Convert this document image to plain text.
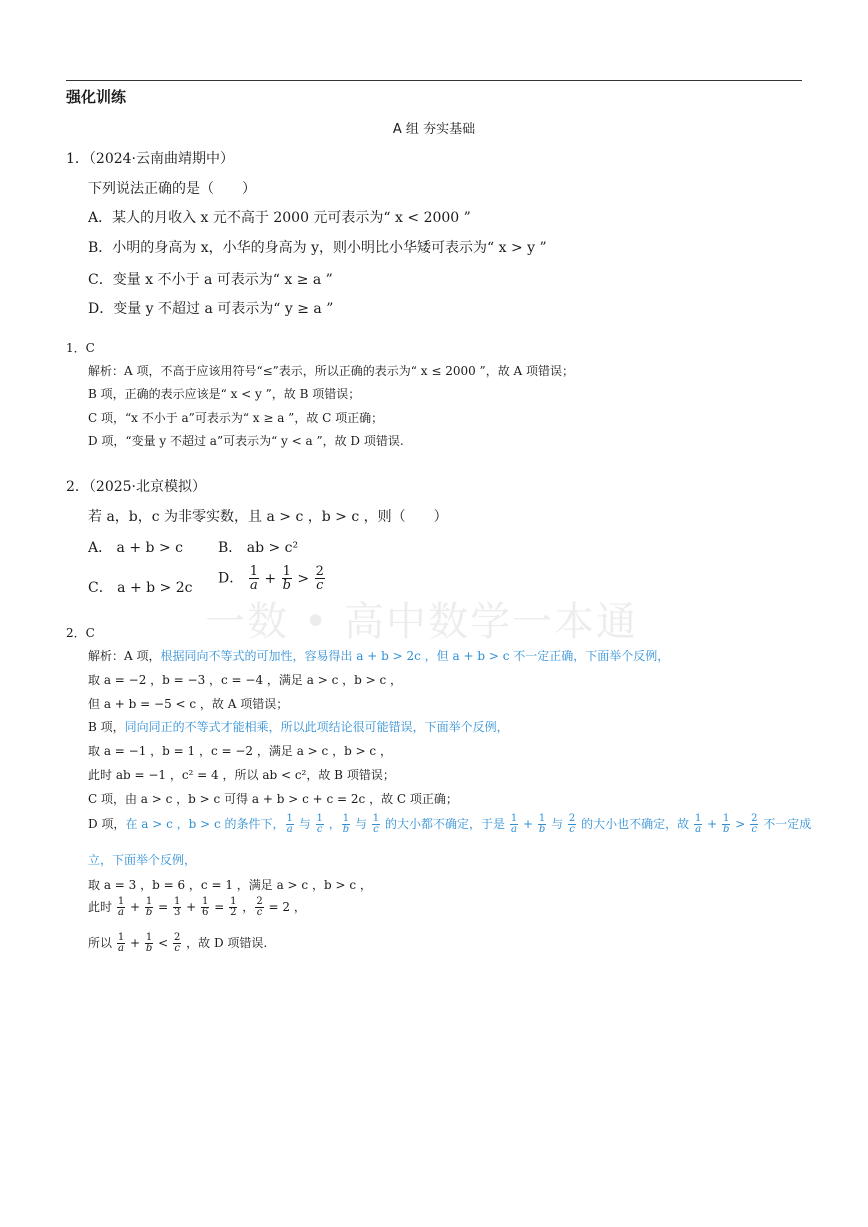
强化训练
A 组 夯实基础
一数 • 高中数学一本通
1．（2024·云南曲靖期中）
下列说法正确的是（　　）
A．某人的月收入 x 元不高于 2000 元可表示为“ x < 2000 ”
B．小明的身高为 x，小华的身高为 y，则小明比小华矮可表示为“ x > y ”
C．变量 x 不小于 a 可表示为“ x ≥ a ”
D．变量 y 不超过 a 可表示为“ y ≥ a ”
1．C
解析：A 项，不高于应该用符号“≤”表示，所以正确的表示为“ x ≤ 2000 ”，故 A 项错误；
B 项，正确的表示应该是“ x < y ”，故 B 项错误；
C 项，“x 不小于 a”可表示为“ x ≥ a ”，故 C 项正确；
D 项，“变量 y 不超过 a”可表示为“ y < a ”，故 D 项错误.
2．（2025·北京模拟）
若 a，b，c 为非零实数，且 a > c ，b > c ，则（　　）
A． a + b > c	B． ab > c²
C． a + b > 2c
D． $\frac{1}{a} + \frac{1}{b} > \frac{2}{c}$
2．C
解析：A 项，根据同向不等式的可加性，容易得出 a + b > 2c ，但 a + b > c 不一定正确，下面举个反例，
取 a = −2 ，b = −3 ，c = −4 ，满足 a > c ，b > c ，
但 a + b = −5 < c ，故 A 项错误；
B 项，同向同正的不等式才能相乘，所以此项结论很可能错误，下面举个反例，
取 a = −1 ，b = 1 ，c = −2 ，满足 a > c ，b > c ，
此时 ab = −1 ，c² = 4 ，所以 ab < c²，故 B 项错误；
C 项，由 a > c ，b > c 可得 a + b > c + c = 2c ，故 C 项正确；
D 项，在 a > c ，b > c 的条件下， $\frac{1}{a}$ 与 $\frac{1}{c}$ ， $\frac{1}{b}$ 与 $\frac{1}{c}$ 的大小都不确定，于是 $\frac{1}{a} + \frac{1}{b}$ 与 $\frac{2}{c}$ 的大小也不确定，故 $\frac{1}{a} + \frac{1}{b} > \frac{2}{c}$ 不一定成
立，下面举个反例，
取 a = 3 ，b = 6 ，c = 1 ，满足 a > c ，b > c ，
此时 $\frac{1}{a} + \frac{1}{b} = \frac{1}{3} + \frac{1}{6} = \frac{1}{2}$ ， $\frac{2}{c} = 2$ ，
所以 $\frac{1}{a} + \frac{1}{b} < \frac{2}{c}$ ，故 D 项错误.
